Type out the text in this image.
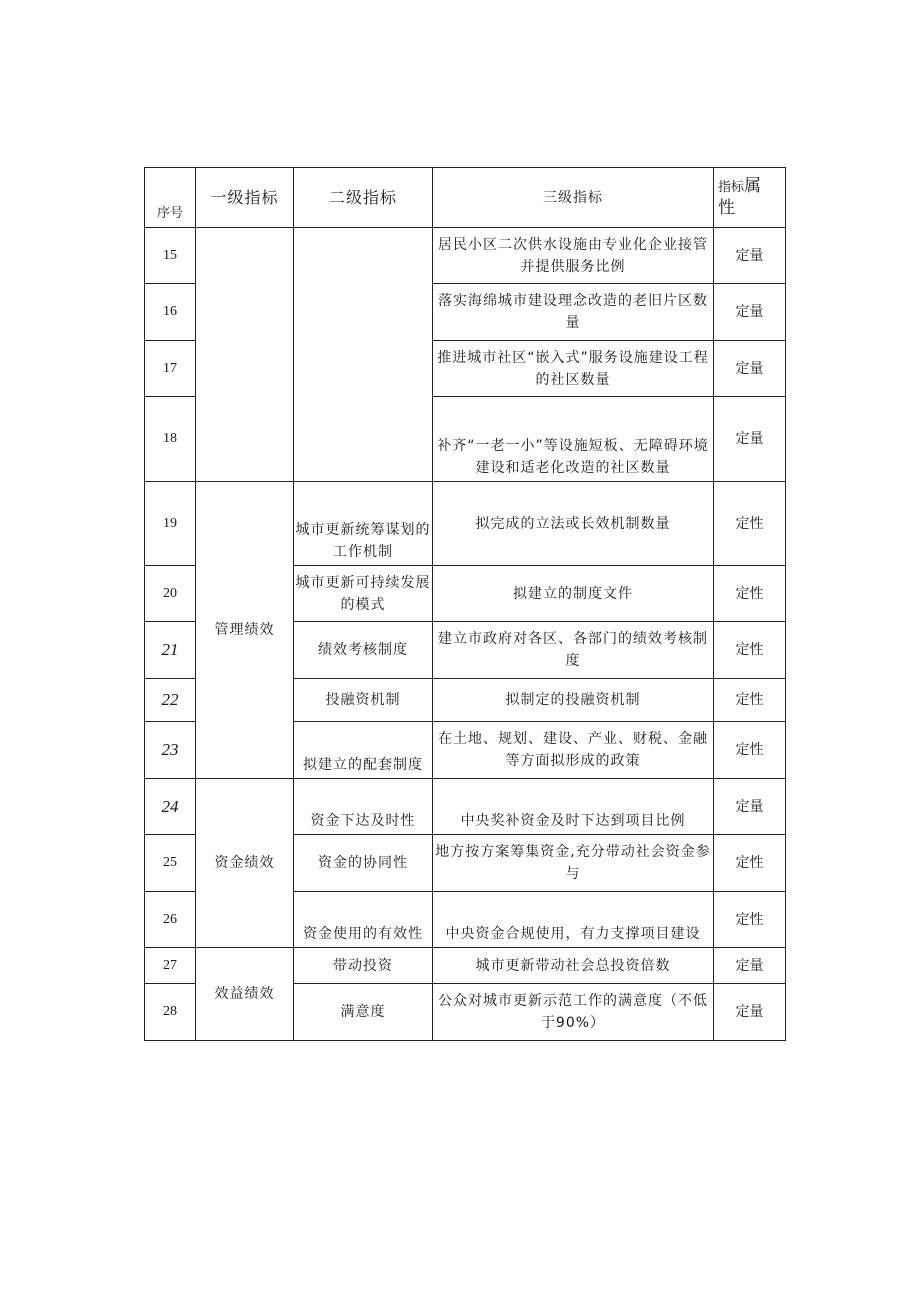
序号	一级指标	二级指标	三级指标	指标属
性
15			居民小区二次供水设施由专业化企业接管并提供服务比例	定量
16			落实海绵城市建设理念改造的老旧片区数量	定量
17			推进城市社区“嵌入式”服务设施建设工程的社区数量	定量
18			补齐“一老一小”等设施短板、无障碍环境建设和适老化改造的社区数量	定量
19	管理绩效	城市更新统筹谋划的工作机制	拟完成的立法或长效机制数量	定性
20		城市更新可持续发展的模式	拟建立的制度文件	定性
21		绩效考核制度	建立市政府对各区、各部门的绩效考核制度	定性
22		投融资机制	拟制定的投融资机制	定性
23		拟建立的配套制度	在土地、规划、建设、产业、财税、金融等方面拟形成的政策	定性
24	资金绩效	资金下达及时性	中央奖补资金及时下达到项目比例	定量
25		资金的协同性	地方按方案筹集资金,充分带动社会资金参与	定性
26		资金使用的有效性	中央资金合规使用，有力支撑项目建设	定性
27	效益绩效	带动投资	城市更新带动社会总投资倍数	定量
28		满意度	公众对城市更新示范工作的满意度（不低于90%）	定量
